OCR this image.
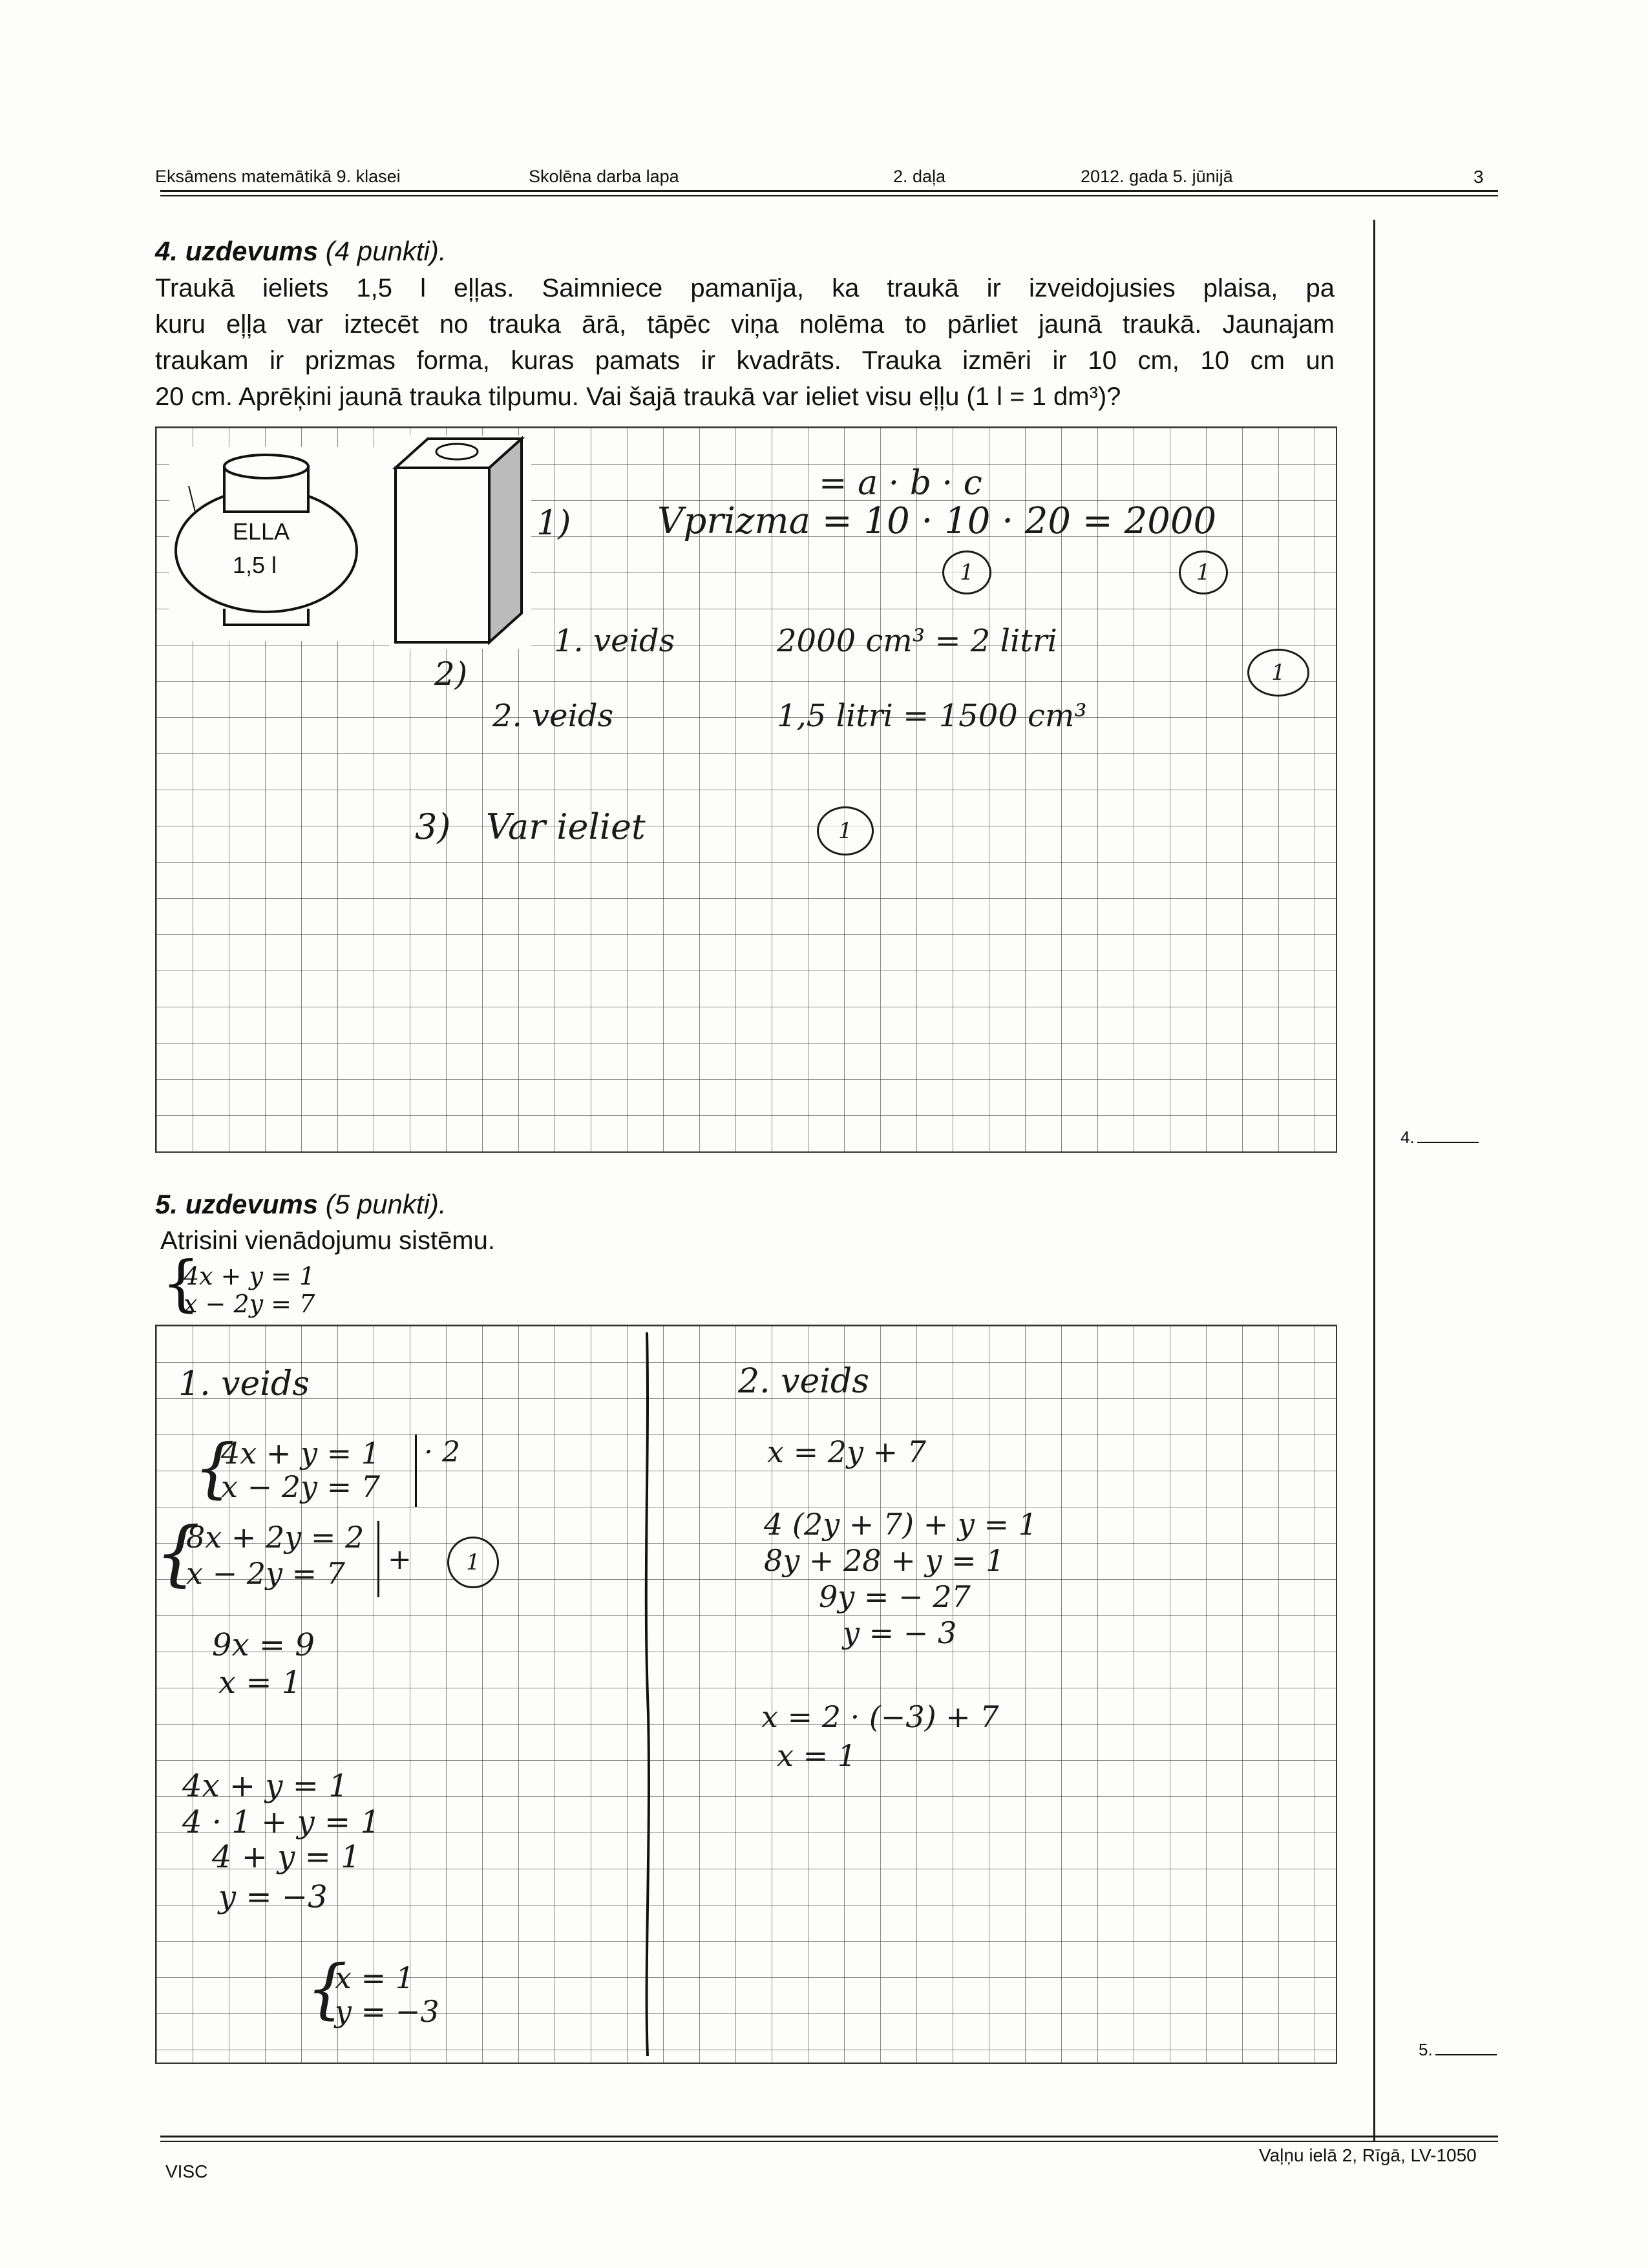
Eksāmens matemātikā 9. klasei	Skolēna darba lapa	2. daļa	2012. gada 5. jūnijā	3
4. uzdevums (4 punkti).
Traukā ieliets 1,5 l eļļas. Saimniece pamanīja, ka traukā ir izveidojusies plaisa, pa
kuru eļļa var iztecēt no trauka ārā, tāpēc viņa nolēma to pārliet jaunā traukā. Jaunajam
traukam ir prizmas forma, kuras pamats ir kvadrāts. Trauka izmēri ir 10 cm, 10 cm un
20 cm. Aprēķini jaunā trauka tilpumu. Vai šajā traukā var ieliet visu eļļu (1 l = 1 dm³)?
ELLA
1,5 l
= a · b · c
1) Vprizma = 10 · 10 · 20 = 2000
1	1
1. veids	2000 cm³ = 2 litri
2)	1
2. veids	1,5 litri = 1500 cm³
3) Var ieliet	1
4.
5. uzdevums (5 punkti).
Atrisini vienādojumu sistēmu.
{
4x + y = 1
x − 2y = 7
1. veids
{
4x + y = 1
x − 2y = 7
· 2
{
8x + 2y = 2
x − 2y = 7 +	1
9x = 9
x = 1
4x + y = 1
4 · 1 + y = 1
4 + y = 1
y = −3
{
x = 1
y = −3
2. veids
x = 2y + 7
4 (2y + 7) + y = 1
8y + 28 + y = 1
9y = − 27
y = − 3
x = 2 · (−3) + 7
x = 1
5.
VISC
Vaļņu ielā 2, Rīgā, LV-1050
